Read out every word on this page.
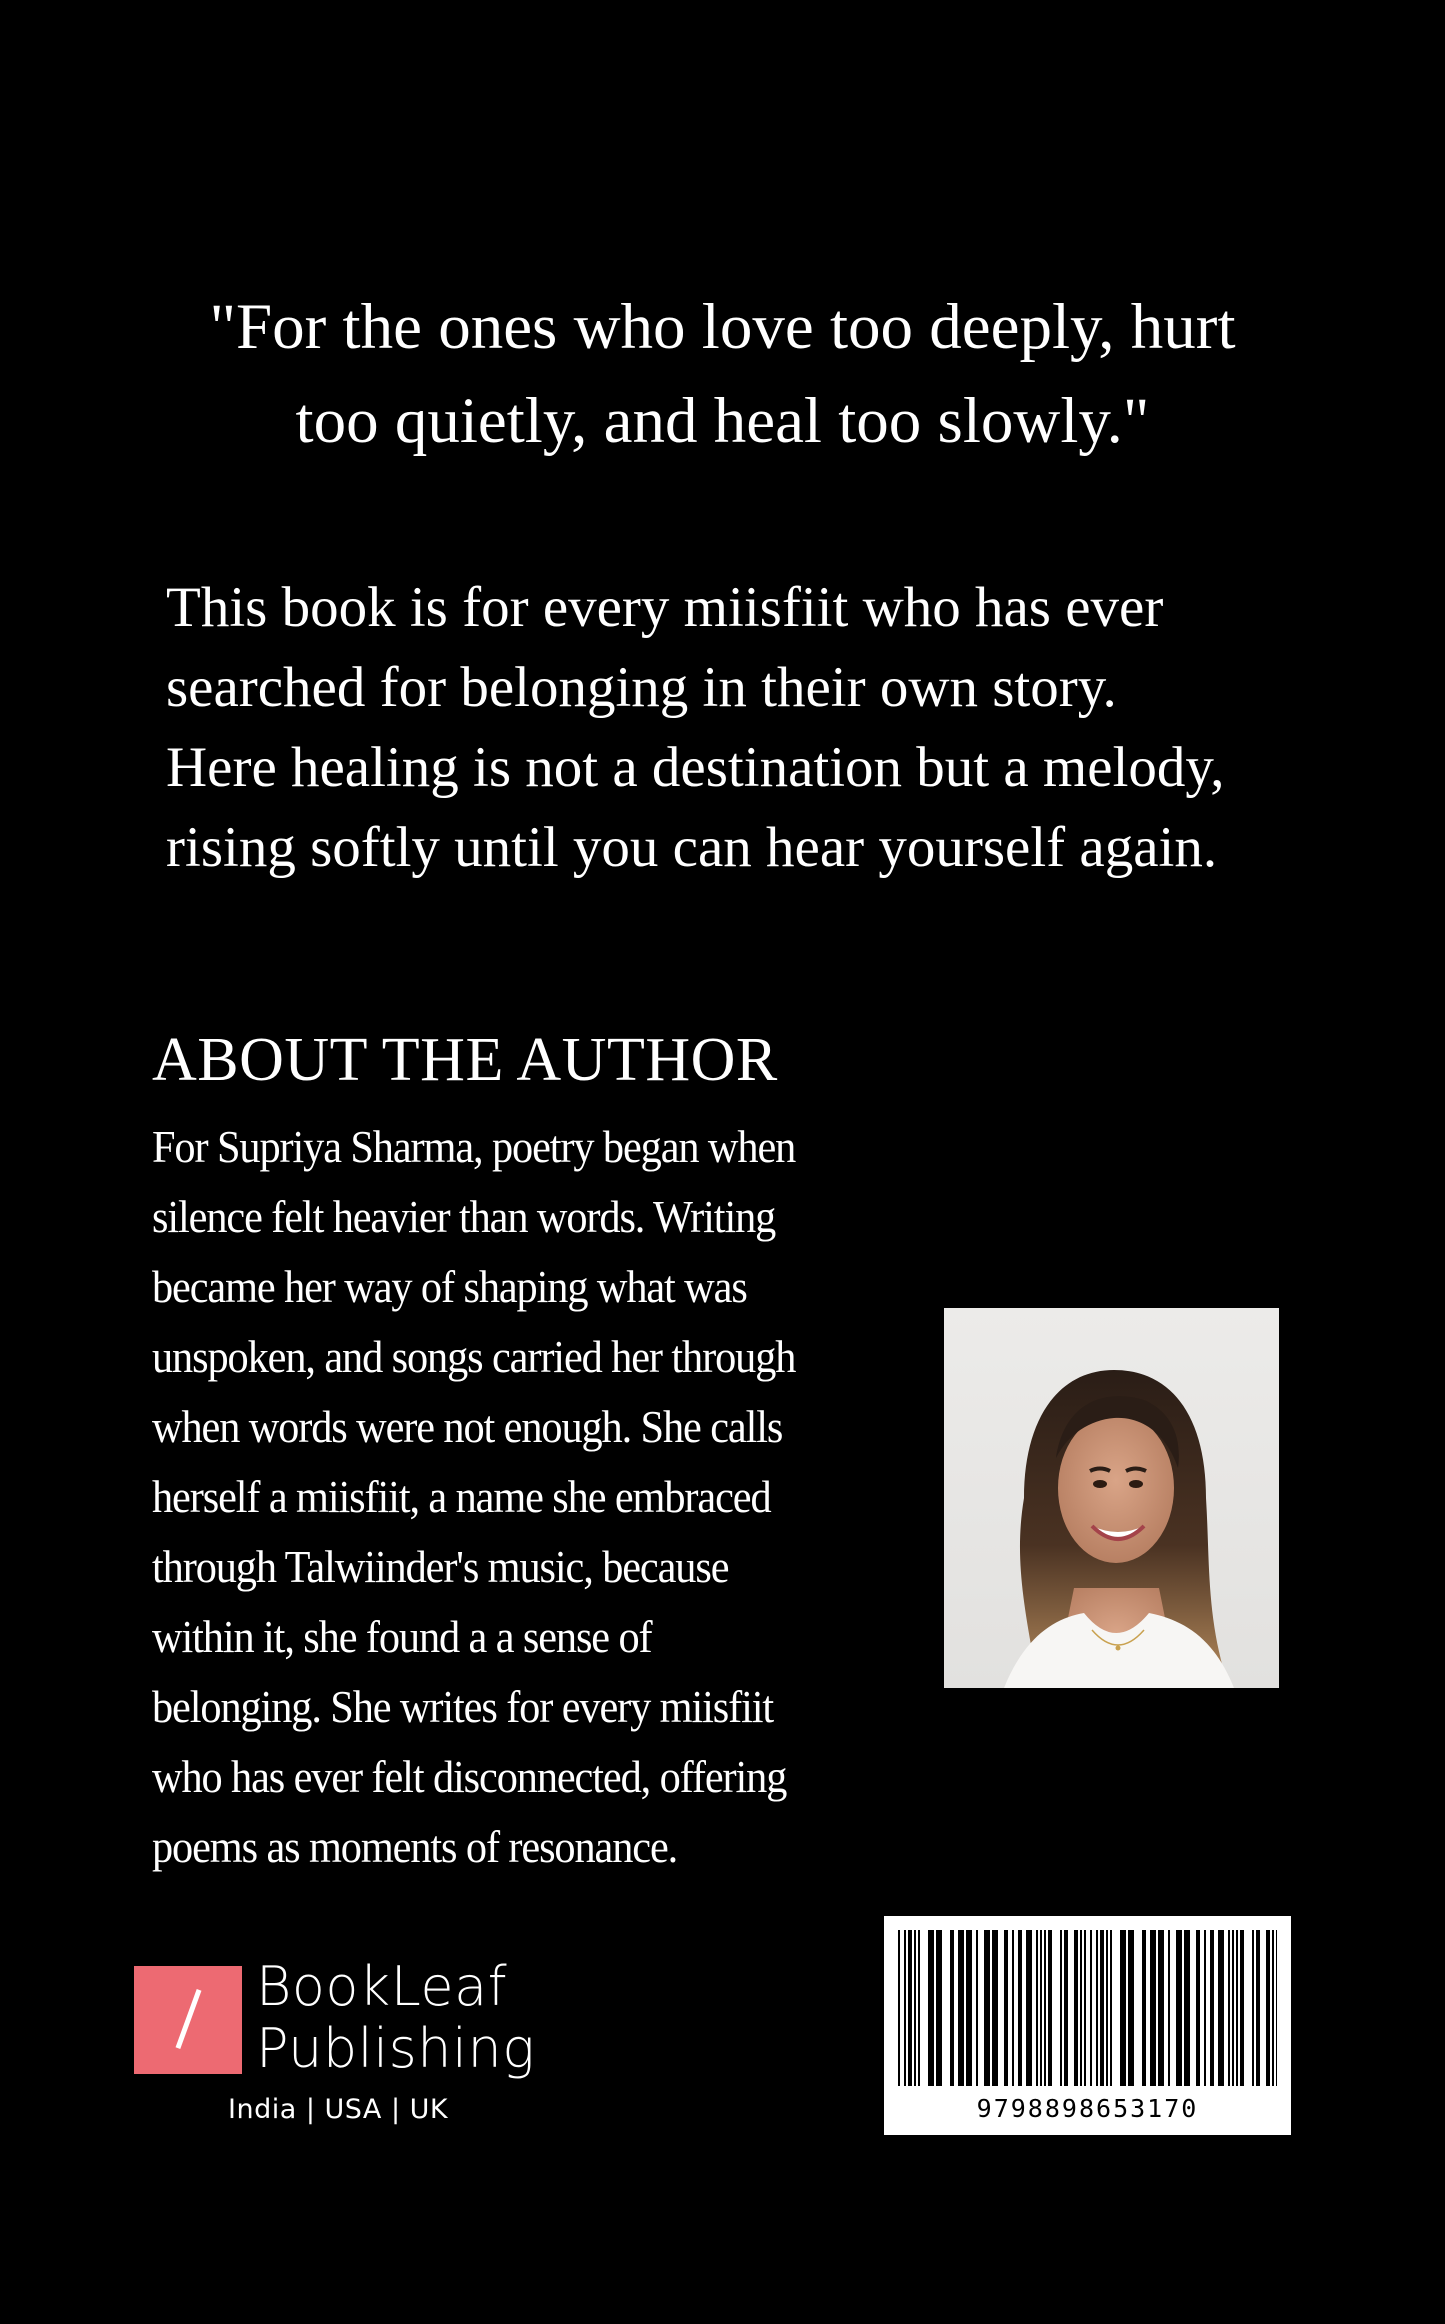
"For the ones who love too deeply, hurt
too quietly, and heal too slowly."
This book is for every miisfiit who has ever
searched for belonging in their own story.
Here healing is not a destination but a melody,
rising softly until you can hear yourself again.
ABOUT THE AUTHOR

For Supriya Sharma, poetry began when

silence felt heavier than words. Writing

became her way of shaping what was

unspoken, and songs carried her through

when words were not enough. She calls

herself a miisfiit, a name she embraced

through Talwiinder's music, because

within it, she found a a sense of

belonging. She writes for every miisfiit

who has ever felt disconnected, offering

poems as moments of resonance.

BookLeaf
Publishing
India | USA | UK	9798898653170
